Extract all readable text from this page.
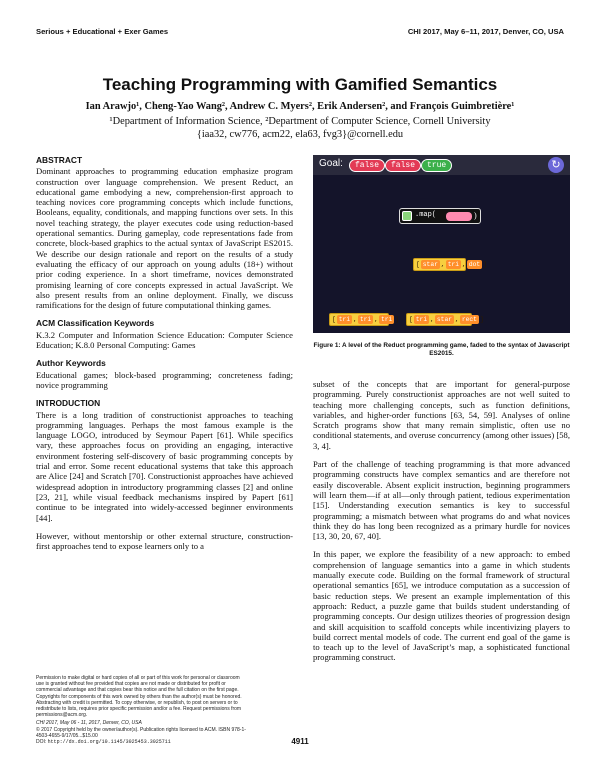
Serious + Educational + Exer Games	CHI 2017, May 6–11, 2017, Denver, CO, USA
Teaching Programming with Gamified Semantics
Ian Arawjo¹, Cheng-Yao Wang², Andrew C. Myers², Erik Andersen², and François Guimbretière¹
¹Department of Information Science, ²Department of Computer Science, Cornell University
{iaa32, cw776, acm22, ela63, fvg3}@cornell.edu
ABSTRACT

Dominant approaches to programming education emphasize program construction over language comprehension. We present Reduct, an educational game embodying a new, comprehension-first approach to teaching novices core programming concepts which include functions, Booleans, equality, conditionals, and mapping functions over sets. In this novel teaching strategy, the player executes code using reduction-based operational semantics. During gameplay, code representations fade from concrete, block-based graphics to the actual syntax of JavaScript ES2015. We describe our design rationale and report on the results of a study evaluating the efficacy of our approach on young adults (18+) without prior coding experience. In a short timeframe, novices demonstrated promising learning of core concepts expressed in actual JavaScript. We also present results from an online deployment. Finally, we discuss ramifications for the design of future computational thinking games.

ACM Classification Keywords

K.3.2 Computer and Information Science Education: Computer Science Education; K.8.0 Personal Computing: Games

Author Keywords

Educational games; block-based programming; concreteness fading; novice programming

INTRODUCTION

There is a long tradition of constructionist approaches to teaching programming languages. Perhaps the most famous example is the language LOGO, introduced by Seymour Papert [61]. While specifics vary, these approaches focus on providing an engaging, interactive environment fostering self-discovery of basic programming concepts by trial and error. Some recent educational systems that take this approach are Alice [24] and Scratch [70]. Constructionist approaches have achieved widespread adoption in introductory programming classes [2] and online [23, 21], while visual feedback mechanisms inspired by Papert [61] continue to be integrated into widely-accessed beginner environments [44].

However, without mentorship or other external structure, construction-first approaches tend to expose learners only to a

Permission to make digital or hard copies of all or part of this work for personal or classroom use is granted without fee provided that copies are not made or distributed for profit or commercial advantage and that copies bear this notice and the full citation on the first page. Copyrights for components of this work owned by others than the author(s) must be honored. Abstracting with credit is permitted. To copy otherwise, or republish, to post on servers or to redistribute to lists, requires prior specific permission and/or a fee. Request permissions from permissions@acm.org.

CHI 2017, May 06 - 11, 2017, Denver, CO, USA

© 2017 Copyright held by the owner/author(s). Publication rights licensed to ACM. ISBN 978-1-4503-4655-9/17/05...$15.00

DOI: http://dx.doi.org/10.1145/3025453.3025711

Goal:	false	false	true	↻
.map(	)
[ star , tri , dot ]
[ tri , tri , tri ]	[ tri , star , rect ]
Figure 1: A level of the Reduct programming game, faded to the syntax of Javascript ES2015.

subset of the concepts that are important for general-purpose programming. Purely constructionist approaches are not well suited to teaching more challenging concepts, such as function definitions, variables, and higher-order functions [63, 54, 59]. Analyses of online Scratch programs show that many remain simplistic, often use no conditional statements, and overuse concurrency (among other issues) [58, 3, 4].

Part of the challenge of teaching programming is that more advanced programming constructs have complex semantics and are therefore not easily discoverable. Absent explicit instruction, beginning programmers will learn them—if at all—only through patient, tedious experimentation [15]. Understanding execution semantics is key to successful programming; a mismatch between what programs do and what novices think they do has long been recognized as a primary hurdle for novices [13, 30, 20, 67, 40].

In this paper, we explore the feasibility of a new approach: to embed comprehension of language semantics into a game in which students manually execute code. Building on the formal framework of structural operational semantics [65], we introduce computation as a succession of basic reduction steps. We present an example implementation of this approach: Reduct, a puzzle game that builds student understanding of programming concepts. Our design utilizes theories of progression design and skill acquisition to scaffold concepts while incentivizing players to build correct mental models of code. The current end goal of the game is to teach up to the level of JavaScript’s map, a sophisticated functional programming construct.

4911
